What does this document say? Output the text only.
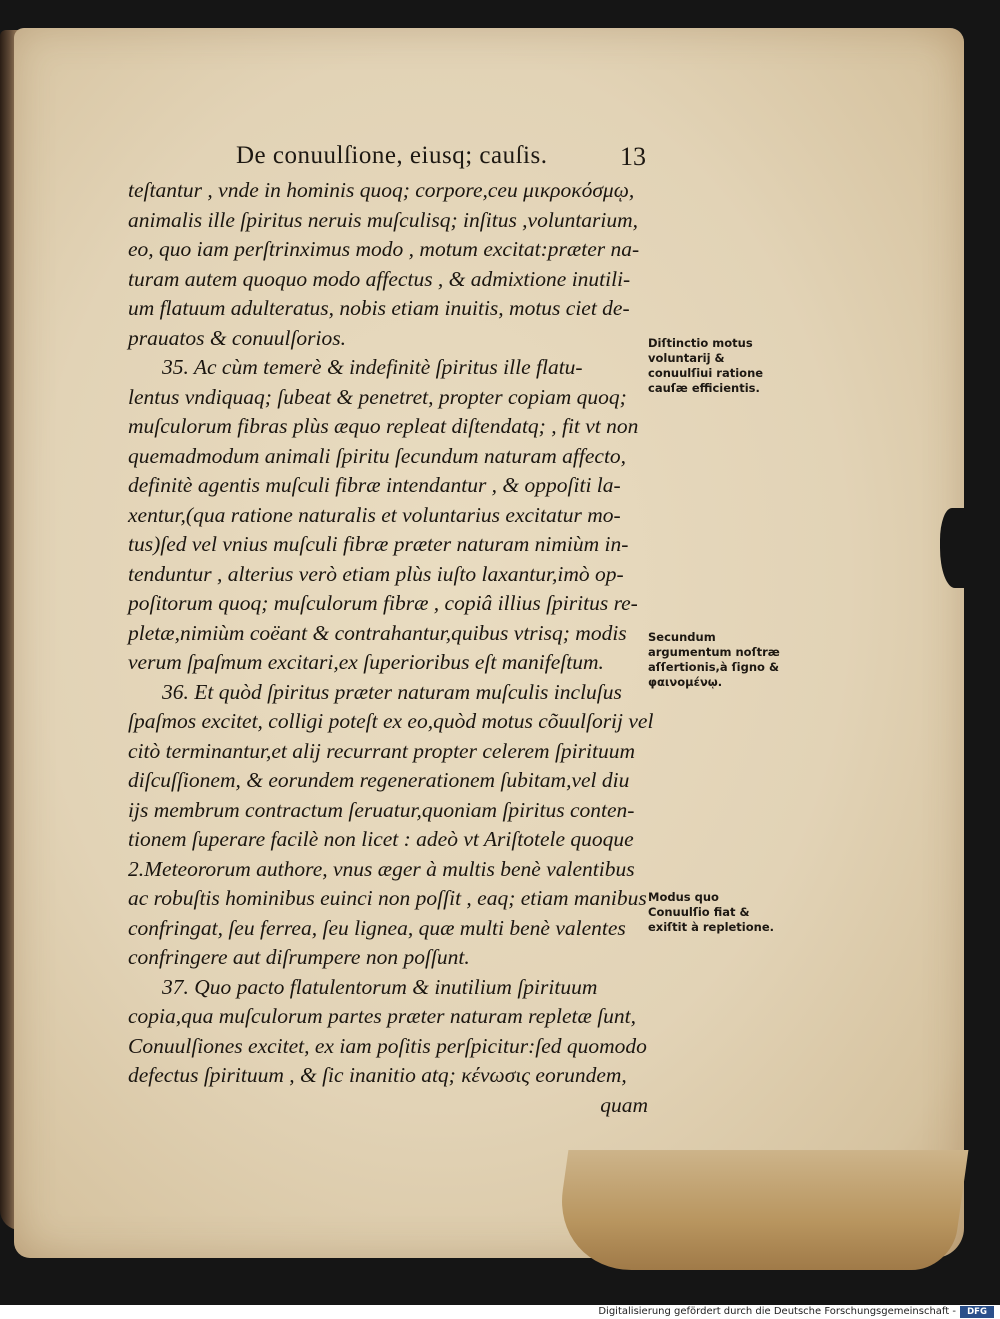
De conuulſione, eiusq; cauſis.	13
teſtantur , vnde in hominis quoq; corpore,ceu μικροκόσμῳ,
animalis ille ſpiritus neruis muſculisq; inſitus ,voluntarium,
eo, quo iam perſtrinximus modo , motum excitat:præter na-
turam autem quoquo modo affectus , & admixtione inutili-
um flatuum adulteratus, nobis etiam inuitis, motus ciet de-
prauatos & conuulſorios.
35. Ac cùm temerè & indefinitè ſpiritus ille flatu-
lentus vndiquaq; ſubeat & penetret, propter copiam quoq;
muſculorum fibras plùs æquo repleat diſtendatq; , fit vt non
quemadmodum animali ſpiritu ſecundum naturam affecto,
definitè agentis muſculi fibræ intendantur , & oppoſiti la-
xentur,(qua ratione naturalis et voluntarius excitatur mo-
tus)ſed vel vnius muſculi fibræ præter naturam nimiùm in-
tenduntur , alterius verò etiam plùs iuſto laxantur,imò op-
poſitorum quoq; muſculorum fibræ , copiâ illius ſpiritus re-
pletæ,nimiùm coëant & contrahantur,quibus vtrisq; modis
verum ſpaſmum excitari,ex ſuperioribus eſt manifeſtum.
36. Et quòd ſpiritus præter naturam muſculis incluſus
ſpaſmos excitet, colligi poteſt ex eo,quòd motus cõuulſorij vel
citò terminantur,et alij recurrant propter celerem ſpirituum
diſcuſſionem, & eorundem regenerationem ſubitam,vel diu
ijs membrum contractum ſeruatur,quoniam ſpiritus conten-
tionem ſuperare facilè non licet : adeò vt Ariſtotele quoque
2.Meteororum authore, vnus æger à multis benè valentibus
ac robuſtis hominibus euinci non poſſit , eaq; etiam manibus
confringat, ſeu ferrea, ſeu lignea, quæ multi benè valentes
confringere aut diſrumpere non poſſunt.
37. Quo pacto flatulentorum & inutilium ſpirituum
copia,qua muſculorum partes præter naturam repletæ ſunt,
Conuulſiones excitet, ex iam poſitis perſpicitur:ſed quomodo
defectus ſpirituum , & ſic inanitio atq; κένωσις eorundem,
quam
Diſtinctio motus voluntarij & conuulſiui ratione cauſæ efficientis.
Secundum argumentum noſtræ aſſertionis,à ſigno & φαινομένῳ.
Modus quo Conuulſio fiat & exiſtit à repletione.
Digitalisierung gefördert durch die Deutsche Forschungsgemeinschaft -	DFG
